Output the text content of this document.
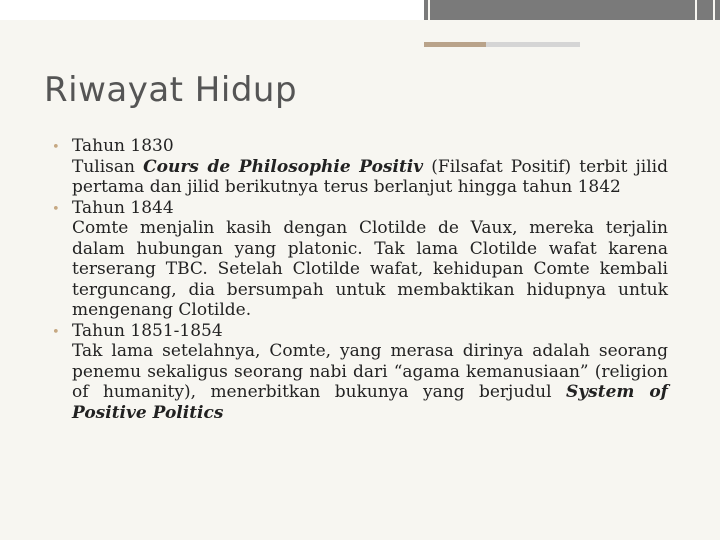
Riwayat Hidup
• Tahun 1830
Tulisan Cours de Philosophie Positiv (Filsafat Positif) terbit jilid pertama dan jilid berikutnya terus berlanjut hingga tahun 1842
• Tahun 1844
Comte menjalin kasih dengan Clotilde de Vaux, mereka terjalin dalam hubungan yang platonic. Tak lama Clotilde wafat karena terserang TBC. Setelah Clotilde wafat, kehidupan Comte kembali terguncang, dia bersumpah untuk membaktikan hidupnya untuk mengenang Clotilde.
• Tahun 1851-1854
Tak lama setelahnya, Comte, yang merasa dirinya adalah seorang penemu sekaligus seorang nabi dari “agama kemanusiaan” (religion of humanity), menerbitkan bukunya yang berjudul System of Positive Politics
